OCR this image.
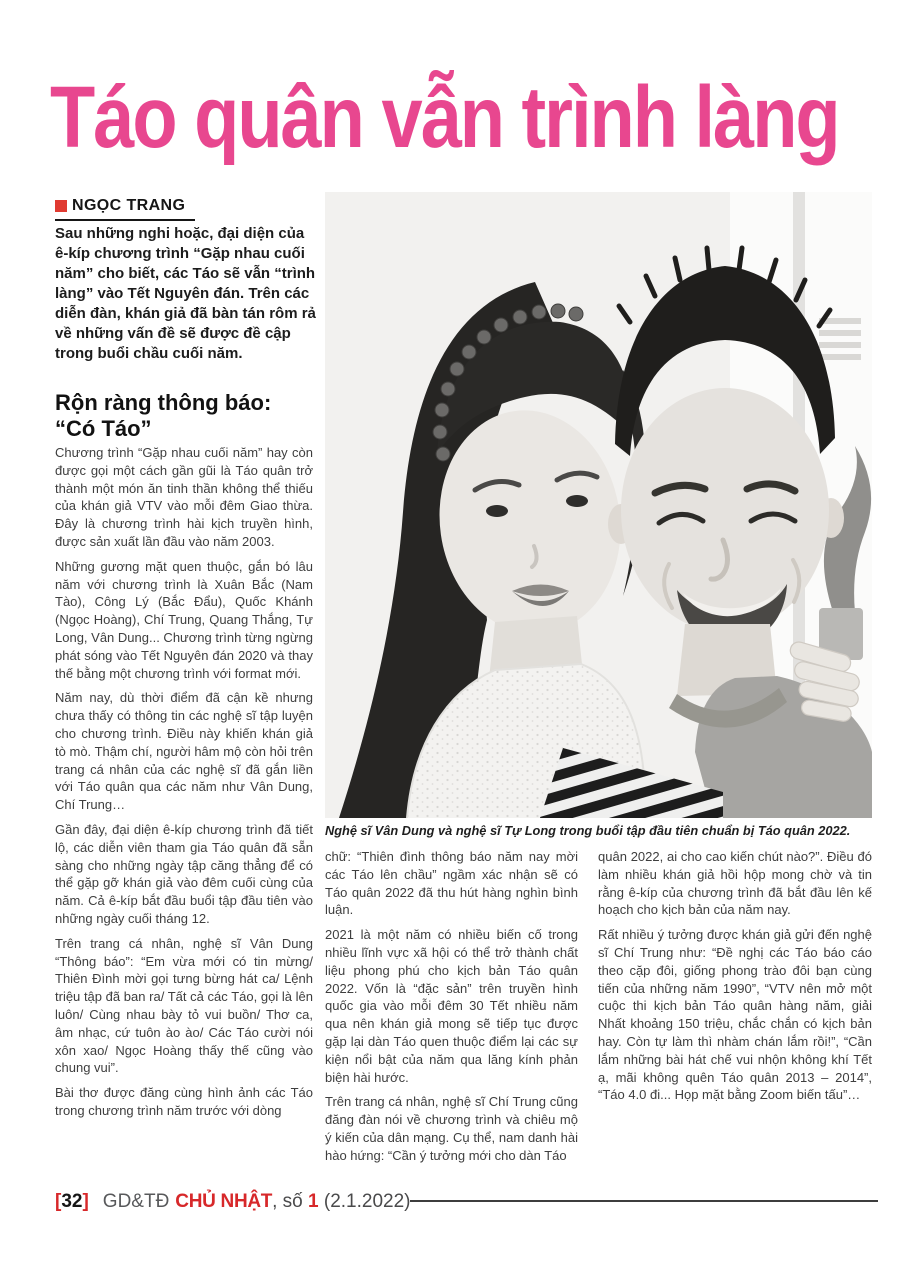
Táo quân vẫn trình làng
NGỌC TRANG
Sau những nghi hoặc, đại diện của ê-kíp chương trình “Gặp nhau cuối năm” cho biết, các Táo sẽ vẫn “trình làng” vào Tết Nguyên đán. Trên các diễn đàn, khán giả đã bàn tán rôm rả về những vấn đề sẽ được đề cập trong buổi chầu cuối năm.
Rộn ràng thông báo:
“Có Táo”

Chương trình “Gặp nhau cuối năm” hay còn được gọi một cách gần gũi là Táo quân trở thành một món ăn tinh thần không thể thiếu của khán giả VTV vào mỗi đêm Giao thừa. Đây là chương trình hài kịch truyền hình, được sản xuất lần đầu vào năm 2003.

Những gương mặt quen thuộc, gắn bó lâu năm với chương trình là Xuân Bắc (Nam Tào), Công Lý (Bắc Đẩu), Quốc Khánh (Ngọc Hoàng), Chí Trung, Quang Thắng, Tự Long, Vân Dung... Chương trình từng ngừng phát sóng vào Tết Nguyên đán 2020 và thay thế bằng một chương trình với format mới.

Năm nay, dù thời điểm đã cận kề nhưng chưa thấy có thông tin các nghệ sĩ tập luyện cho chương trình. Điều này khiến khán giả tò mò. Thậm chí, người hâm mộ còn hỏi trên trang cá nhân của các nghệ sĩ đã gắn liền với Táo quân qua các năm như Vân Dung, Chí Trung…

Gần đây, đại diện ê-kíp chương trình đã tiết lộ, các diễn viên tham gia Táo quân đã sẵn sàng cho những ngày tập căng thẳng để có thể gặp gỡ khán giả vào đêm cuối cùng của năm. Cả ê-kíp bắt đầu buổi tập đầu tiên vào những ngày cuối tháng 12.

Trên trang cá nhân, nghệ sĩ Vân Dung “Thông báo”: “Em vừa mới có tin mừng/ Thiên Đình mời gọi tưng bừng hát ca/ Lệnh triệu tập đã ban ra/ Tất cả các Táo, gọi là lên luôn/ Cùng nhau bày tỏ vui buồn/ Thơ ca, âm nhạc, cứ tuôn ào ào/ Các Táo cười nói xôn xao/ Ngọc Hoàng thấy thế cũng vào chung vui”.

Bài thơ được đăng cùng hình ảnh các Táo trong chương trình năm trước với dòng

Nghệ sĩ Vân Dung và nghệ sĩ Tự Long trong buổi tập đầu tiên chuẩn bị Táo quân 2022.

chữ: “Thiên đình thông báo năm nay mời các Táo lên chầu” ngầm xác nhận sẽ có Táo quân 2022 đã thu hút hàng nghìn bình luận.

2021 là một năm có nhiều biến cố trong nhiều lĩnh vực xã hội có thể trở thành chất liệu phong phú cho kịch bản Táo quân 2022. Vốn là “đặc sản” trên truyền hình quốc gia vào mỗi đêm 30 Tết nhiều năm qua nên khán giả mong sẽ tiếp tục được gặp lại dàn Táo quen thuộc điểm lại các sự kiện nổi bật của năm qua lăng kính phản biện hài hước.

Trên trang cá nhân, nghệ sĩ Chí Trung cũng đăng đàn nói về chương trình và chiêu mộ ý kiến của dân mạng. Cụ thể, nam danh hài hào hứng: “Cần ý tưởng mới cho dàn Táo

quân 2022, ai cho cao kiến chút nào?”. Điều đó làm nhiều khán giả hồi hộp mong chờ và tin rằng ê-kíp của chương trình đã bắt đầu lên kế hoạch cho kịch bản của năm nay.

Rất nhiều ý tưởng được khán giả gửi đến nghệ sĩ Chí Trung như: “Đề nghị các Táo báo cáo theo cặp đôi, giống phong trào đôi bạn cùng tiến của những năm 1990”, “VTV nên mở một cuộc thi kịch bản Táo quân hàng năm, giải Nhất khoảng 150 triệu, chắc chắn có kịch bản hay. Còn tự làm thì nhàm chán lắm rồi!”, “Cần lắm những bài hát chế vui nhộn không khí Tết ạ, mãi không quên Táo quân 2013 – 2014”, “Táo 4.0 đi... Họp mặt bằng Zoom biến tấu”…

[ 32 ] GD&TĐ CHỦ NHẬT , số 1 (2.1.2022)
